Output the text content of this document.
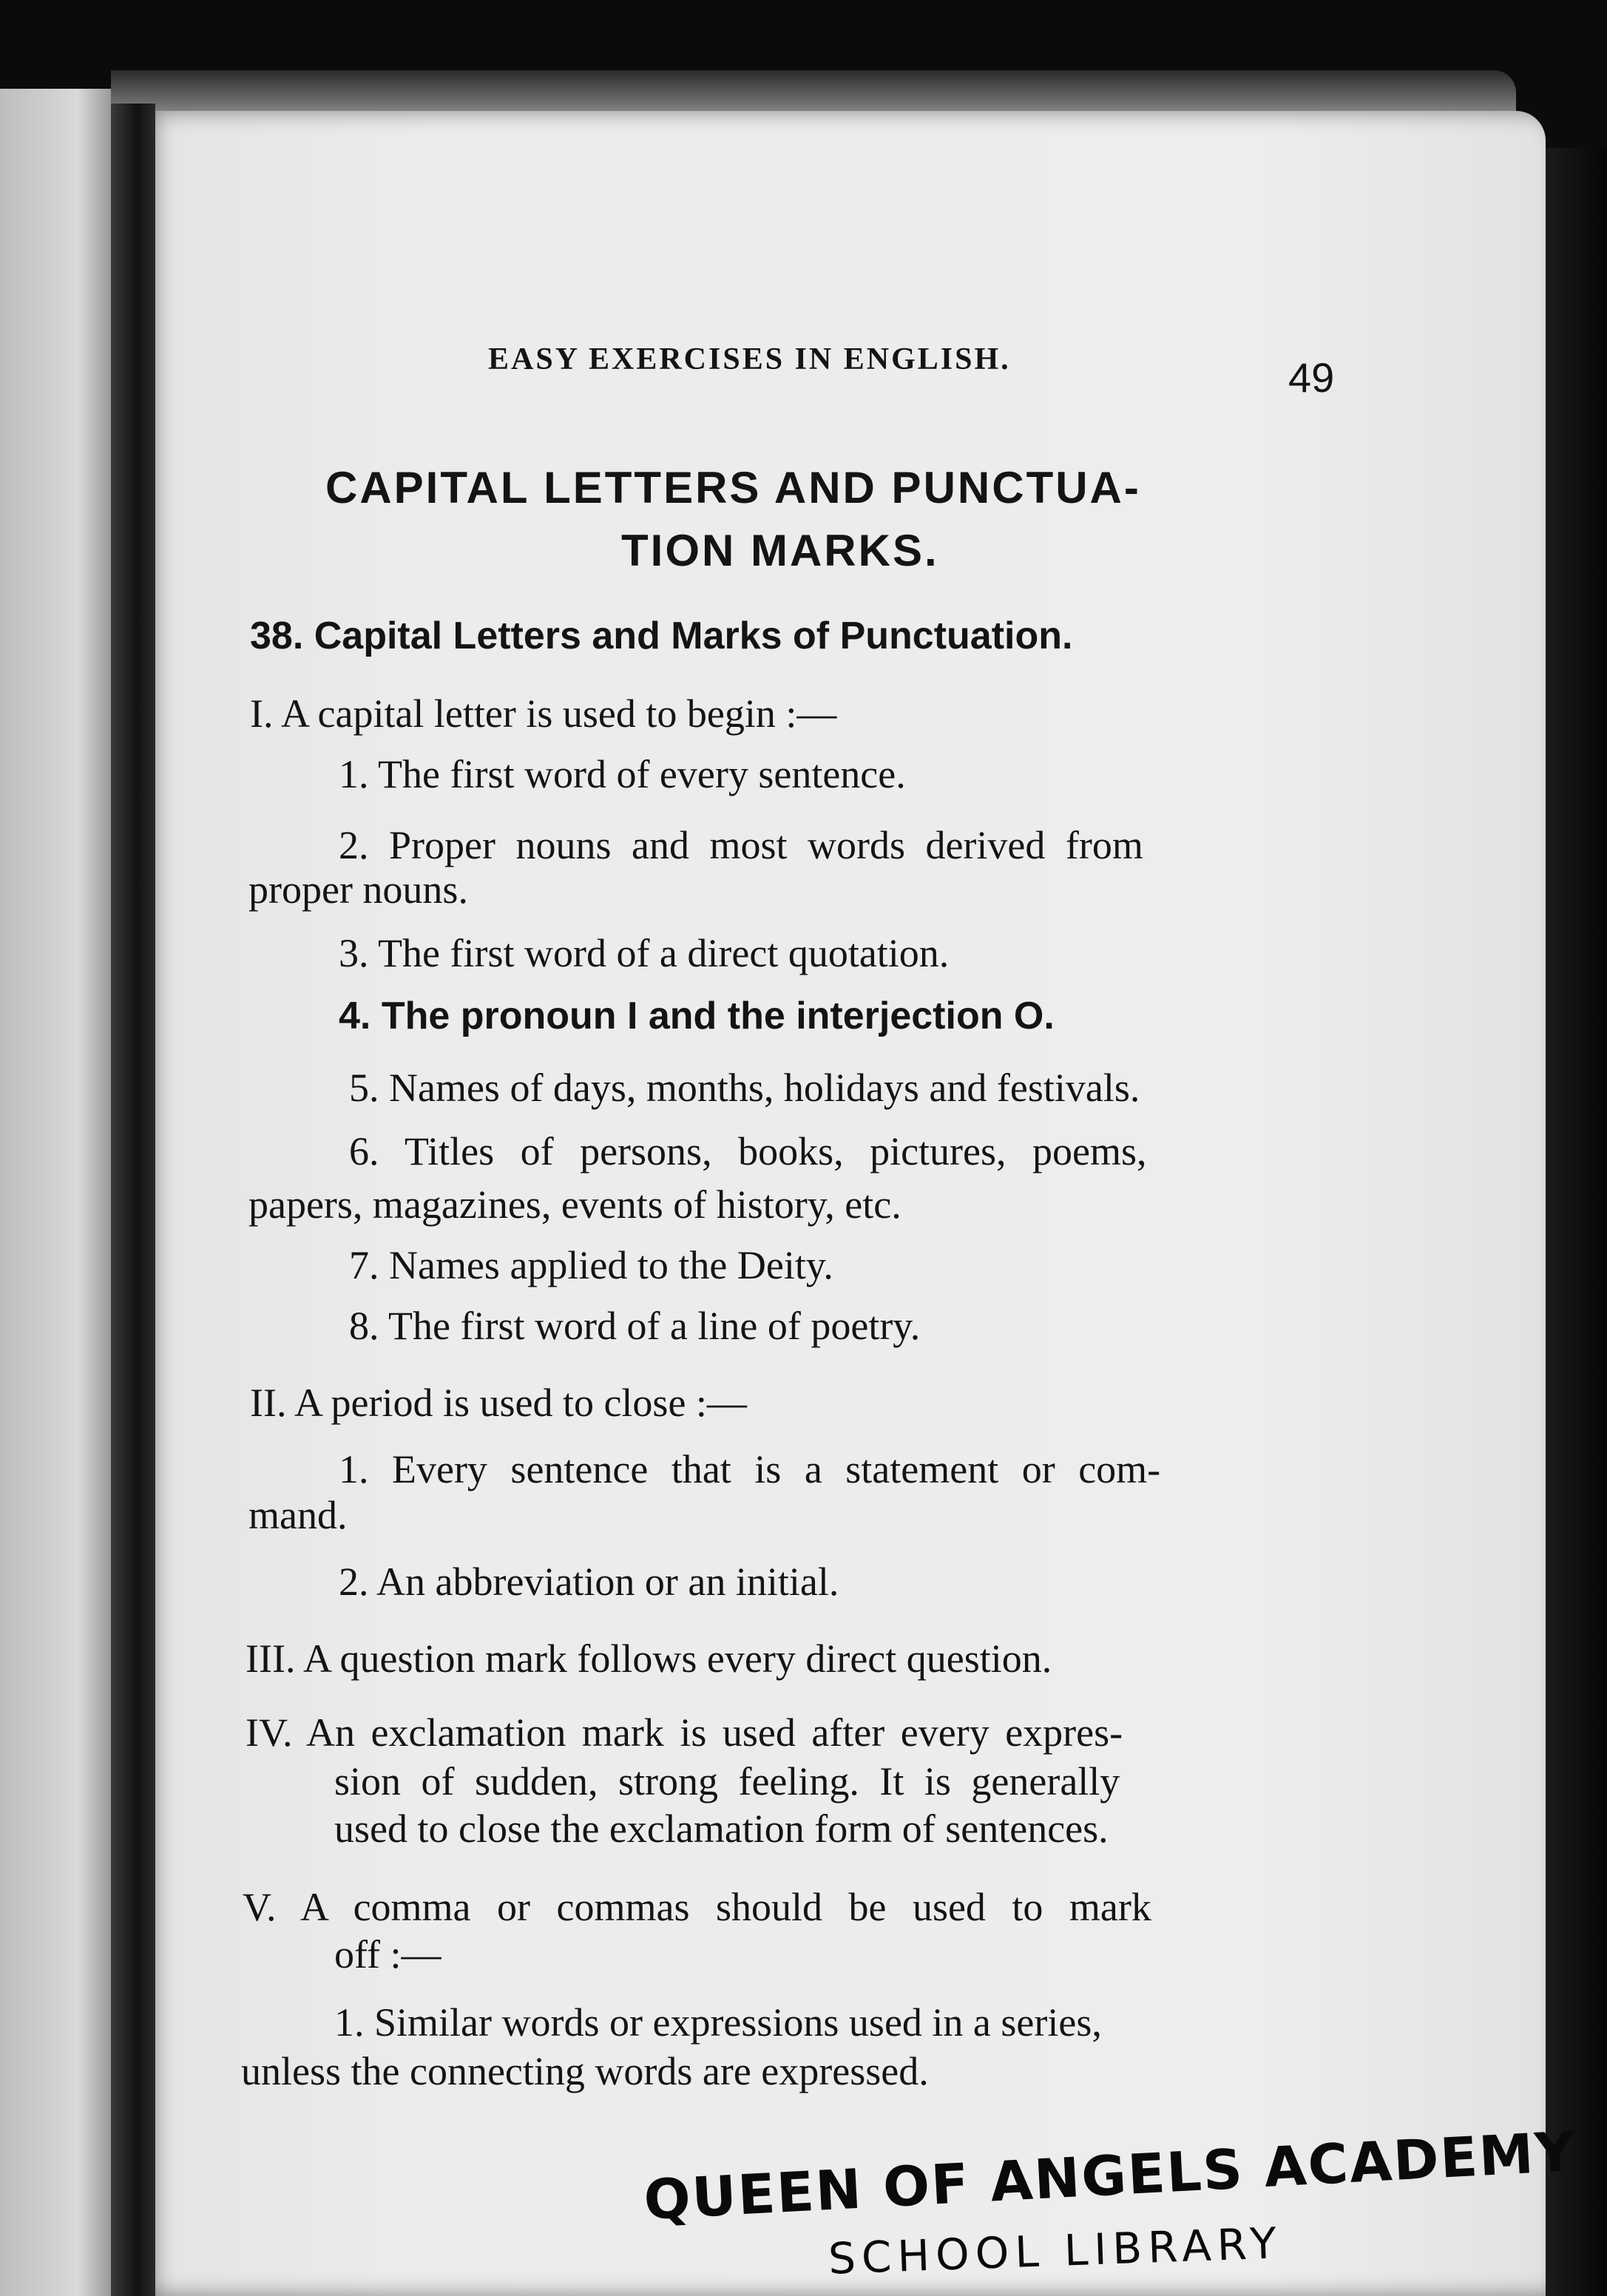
EASY EXERCISES IN ENGLISH.	49
CAPITAL LETTERS AND PUNCTUA-
TION MARKS.
38. Capital Letters and Marks of Punctuation.
I. A capital letter is used to begin :—
1. The first word of every sentence.
2. Proper nouns and most words derived from
proper nouns.
3. The first word of a direct quotation.
4. The pronoun I and the interjection O.
5. Names of days, months, holidays and festivals.
6. Titles of persons, books, pictures, poems,
papers, magazines, events of history, etc.
7. Names applied to the Deity.
8. The first word of a line of poetry.
II. A period is used to close :—
1. Every sentence that is a statement or com-
mand.
2. An abbreviation or an initial.
III. A question mark follows every direct question.
IV. An exclamation mark is used after every expres-
sion of sudden, strong feeling. It is generally
used to close the exclamation form of sentences.
V. A comma or commas should be used to mark
off :—
1. Similar words or expressions used in a series,
unless the connecting words are expressed.
QUEEN OF ANGELS ACADEMY
SCHOOL LIBRARY
